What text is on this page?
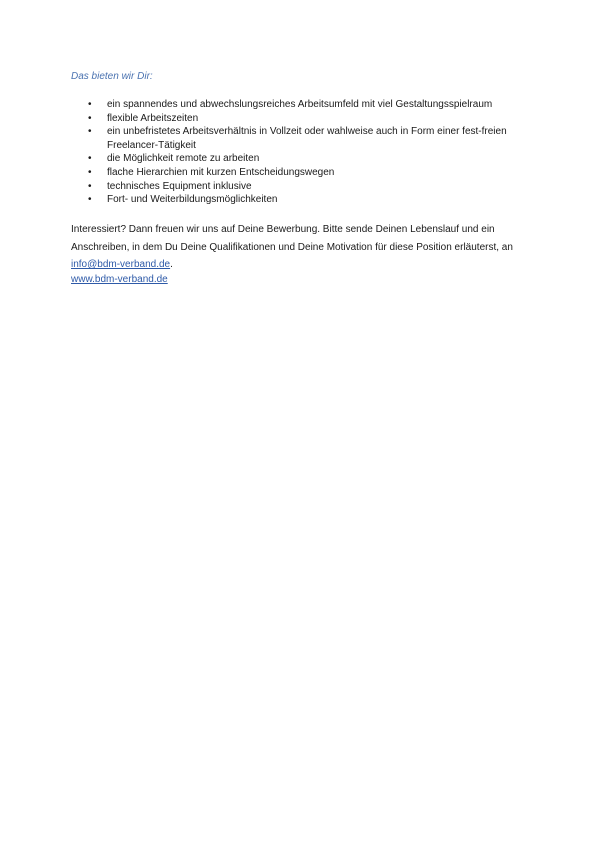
Das bieten wir Dir:
• ein spannendes und abwechslungsreiches Arbeitsumfeld mit viel Gestaltungsspielraum
• flexible Arbeitszeiten
• ein unbefristetes Arbeitsverhältnis in Vollzeit oder wahlweise auch in Form einer fest-freien Freelancer-Tätigkeit
• die Möglichkeit remote zu arbeiten
• flache Hierarchien mit kurzen Entscheidungswegen
• technisches Equipment inklusive
• Fort- und Weiterbildungsmöglichkeiten

Interessiert? Dann freuen wir uns auf Deine Bewerbung. Bitte sende Deinen Lebenslauf und ein Anschreiben, in dem Du Deine Qualifikationen und Deine Motivation für diese Position erläuterst, an info@bdm-verband.de.

www.bdm-verband.de
